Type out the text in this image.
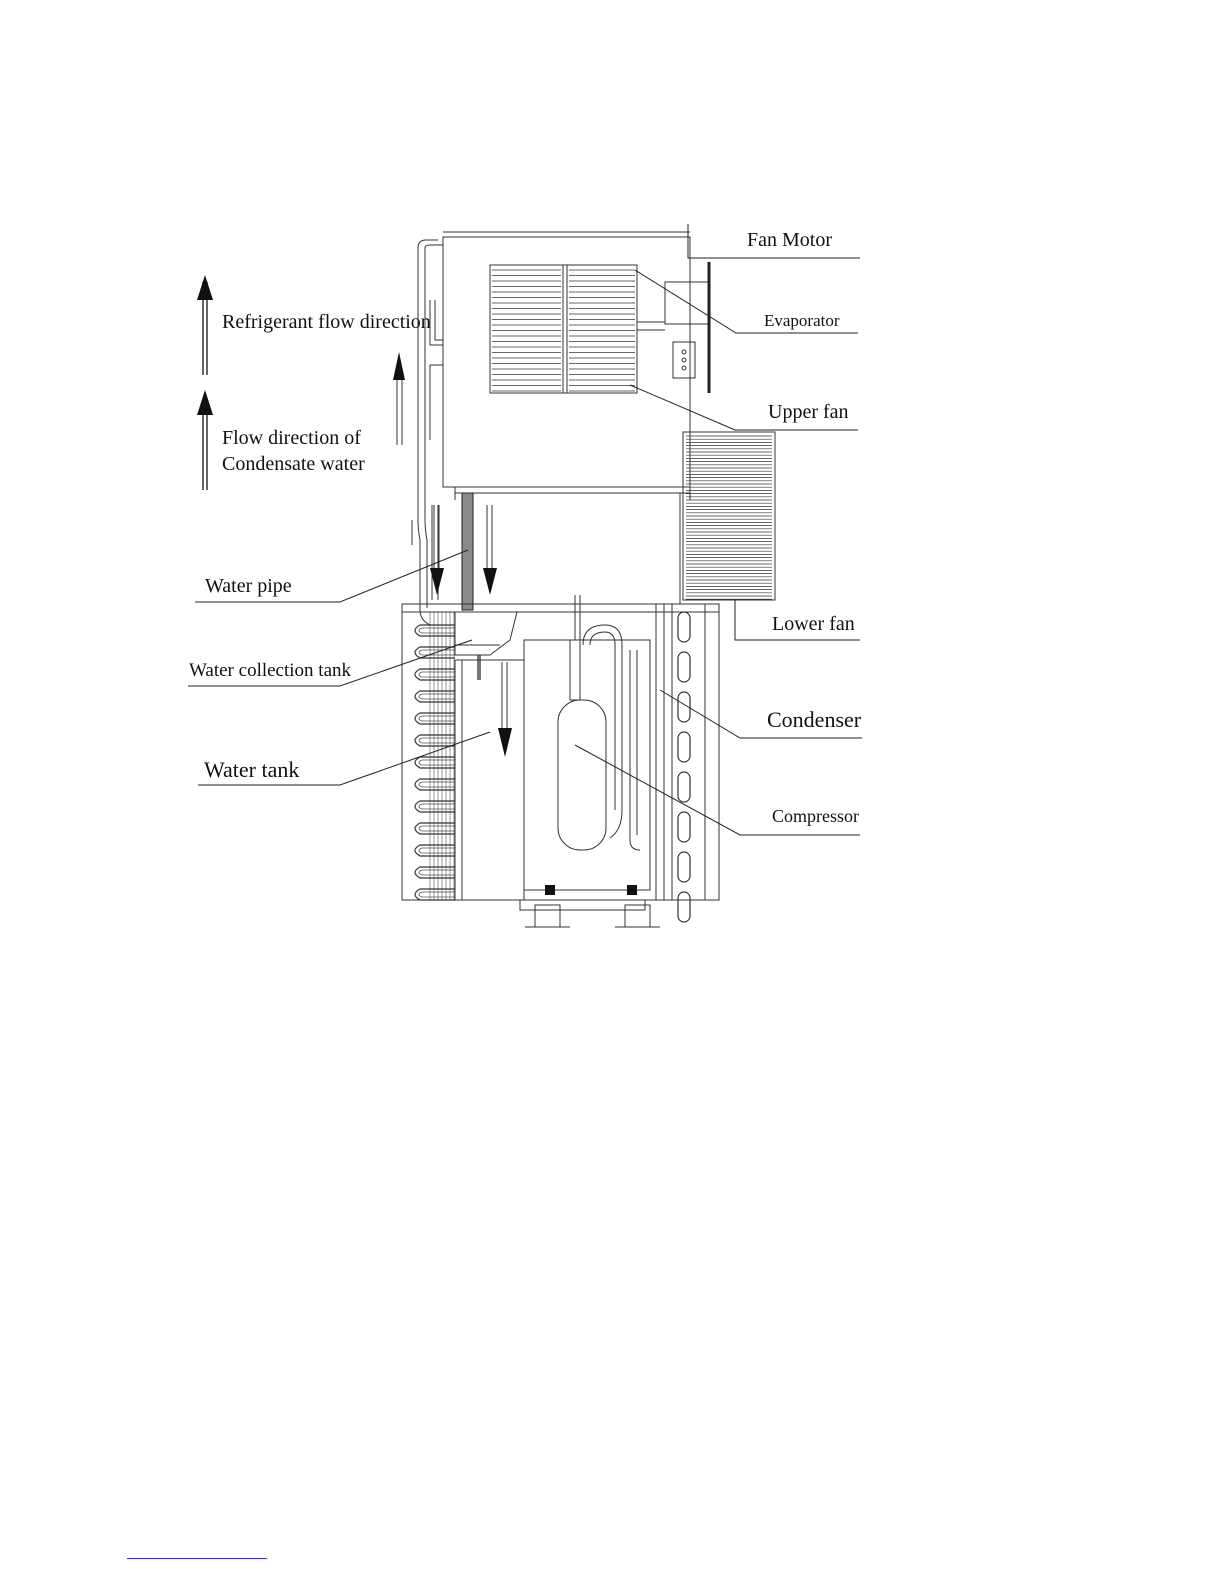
Refrigerant flow direction
Flow direction of
Condensate water
Fan Motor
Evaporator
Upper fan
Lower fan
Condenser
Compressor
Water pipe
Water collection tank
Water tank
